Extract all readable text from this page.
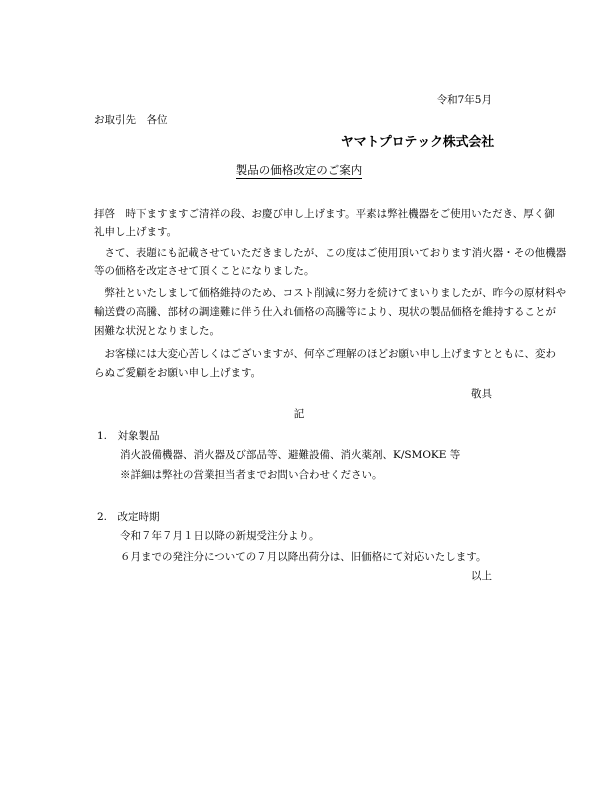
令和7年5月
お取引先　各位
ヤマトプロテック株式会社
製品の価格改定のご案内
拝啓　時下ますますご清祥の段、お慶び申し上げます。平素は弊社機器をご使用いただき、厚く御
礼申し上げます。
　さて、表題にも記載させていただきましたが、この度はご使用頂いております消火器・その他機器
等の価格を改定させて頂くことになりました。
　弊社といたしまして価格維持のため、コスト削減に努力を続けてまいりましたが、昨今の原材料や
輸送費の高騰、部材の調達難に伴う仕入れ価格の高騰等により、現状の製品価格を維持することが
困難な状況となりました。
　お客様には大変心苦しくはございますが、何卒ご理解のほどお願い申し上げますとともに、変わ
らぬご愛顧をお願い申し上げます。
敬具
記
1.　対象製品
消火設備機器、消火器及び部品等、避難設備、消火薬剤、K/SMOKE 等
※詳細は弊社の営業担当者までお問い合わせください。
2.　改定時期
令和７年７月１日以降の新規受注分より。
６月までの発注分についての７月以降出荷分は、旧価格にて対応いたします。
以上
